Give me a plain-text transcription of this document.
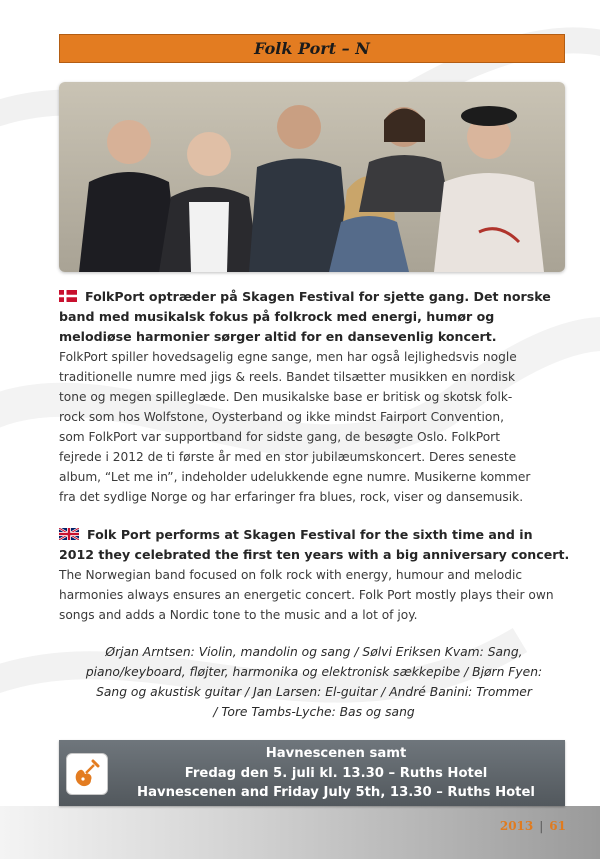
Folk Port – N
FolkPort optræder på Skagen Festival for sjette gang. Det norske
band med musikalsk fokus på folkrock med energi, humør og
melodiøse harmonier sørger altid for en dansevenlig koncert.
FolkPort spiller hovedsagelig egne sange, men har også lejlighedsvis nogle
traditionelle numre med jigs & reels. Bandet tilsætter musikken en nordisk
tone og megen spilleglæde. Den musikalske base er britisk og skotsk folk-
rock som hos Wolfstone, Oysterband og ikke mindst Fairport Convention,
som FolkPort var supportband for sidste gang, de besøgte Oslo. FolkPort
fejrede i 2012 de ti første år med en stor jubilæumskoncert. Deres seneste
album, “Let me in”, indeholder udelukkende egne numre. Musikerne kommer
fra det sydlige Norge og har erfaringer fra blues, rock, viser og dansemusik.
Folk Port performs at Skagen Festival for the sixth time and in
2012 they celebrated the first ten years with a big anniversary concert.
The Norwegian band focused on folk rock with energy, humour and melodic
harmonies always ensures an energetic concert. Folk Port mostly plays their own
songs and adds a Nordic tone to the music and a lot of joy.
Ørjan Arntsen: Violin, mandolin og sang / Sølvi Eriksen Kvam: Sang,
piano/keyboard, fløjter, harmonika og elektronisk sækkepibe / Bjørn Fyen:
Sang og akustisk guitar / Jan Larsen: El-guitar / André Banini: Trommer
/ Tore Tambs-Lyche: Bas og sang
Havnescenen samt
Fredag den 5. juli kl. 13.30 – Ruths Hotel
Havnescenen and Friday July 5th, 13.30 – Ruths Hotel
2013 | 61
